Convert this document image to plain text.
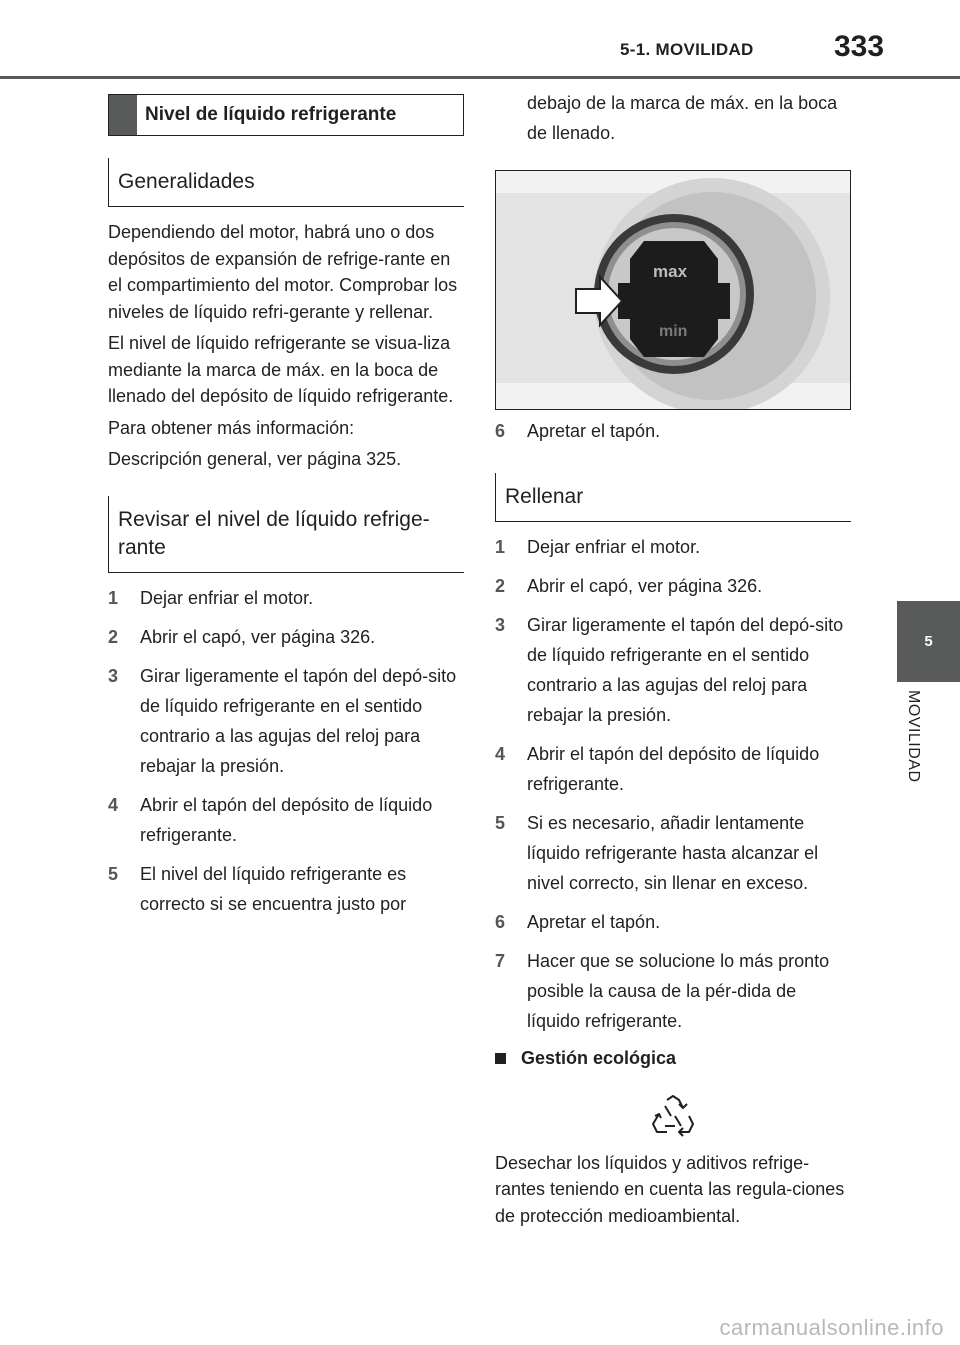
5-1. MOVILIDAD	333
5
MOVILIDAD
Nivel de líquido refrigerante
Generalidades

Dependiendo del motor, habrá uno o dos depósitos de expansión de refrige-rante en el compartimiento del motor. Comprobar los niveles de líquido refri-gerante y rellenar.

El nivel de líquido refrigerante se visua-liza mediante la marca de máx. en la boca de llenado del depósito de líquido refrigerante.

Para obtener más información:

Descripción general, ver página 325.

Revisar el nivel de líquido refrige-rante
1	Dejar enfriar el motor.
2	Abrir el capó, ver página 326.
3	Girar ligeramente el tapón del depó-sito de líquido refrigerante en el sentido contrario a las agujas del reloj para rebajar la presión.
4	Abrir el tapón del depósito de líquido refrigerante.
5	El nivel del líquido refrigerante es correcto si se encuentra justo por
debajo de la marca de máx. en la boca de llenado.
max
min
6	Apretar el tapón.
Rellenar
1	Dejar enfriar el motor.
2	Abrir el capó, ver página 326.
3	Girar ligeramente el tapón del depó-sito de líquido refrigerante en el sentido contrario a las agujas del reloj para rebajar la presión.
4	Abrir el tapón del depósito de líquido refrigerante.
5	Si es necesario, añadir lentamente líquido refrigerante hasta alcanzar el nivel correcto, sin llenar en exceso.
6	Apretar el tapón.
7	Hacer que se solucione lo más pronto posible la causa de la pér-dida de líquido refrigerante.
Gestión ecológica

Desechar los líquidos y aditivos refrige-rantes teniendo en cuenta las regula-ciones de protección medioambiental.

carmanualsonline.info
